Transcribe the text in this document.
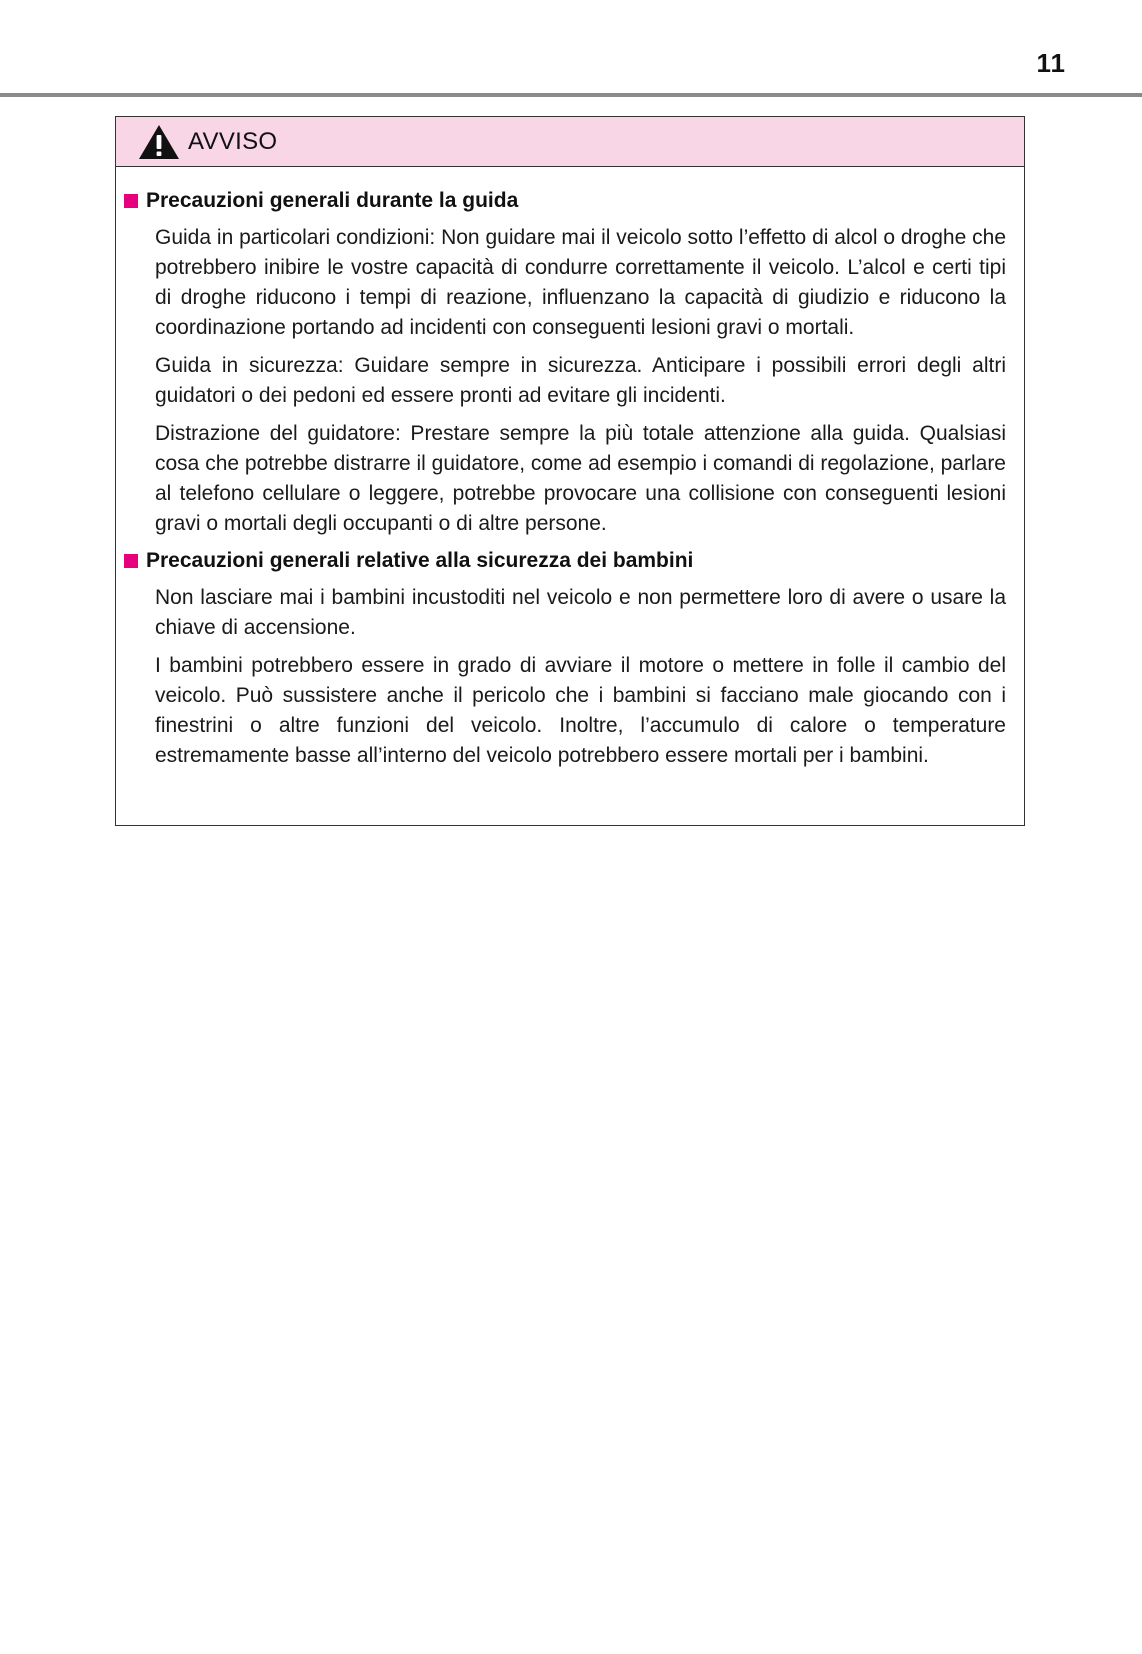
11
AVVISO
Precauzioni generali durante la guida

Guida in particolari condizioni: Non guidare mai il veicolo sotto l’effetto di alcol o droghe che potrebbero inibire le vostre capacità di condurre correttamente il veicolo. L’alcol e certi tipi di droghe riducono i tempi di reazione, influenzano la capacità di giudizio e riducono la coordinazione portando ad incidenti con conseguenti lesioni gravi o mortali.

Guida in sicurezza: Guidare sempre in sicurezza. Anticipare i possibili errori degli altri guidatori o dei pedoni ed essere pronti ad evitare gli incidenti.

Distrazione del guidatore: Prestare sempre la più totale attenzione alla guida. Qualsiasi cosa che potrebbe distrarre il guidatore, come ad esempio i comandi di regolazione, parlare al telefono cellulare o leggere, potrebbe provocare una collisione con conseguenti lesioni gravi o mortali degli occupanti o di altre persone.

Precauzioni generali relative alla sicurezza dei bambini

Non lasciare mai i bambini incustoditi nel veicolo e non permettere loro di avere o usare la chiave di accensione.

I bambini potrebbero essere in grado di avviare il motore o mettere in folle il cambio del veicolo. Può sussistere anche il pericolo che i bambini si facciano male giocando con i finestrini o altre funzioni del veicolo. Inoltre, l’accumulo di calore o temperature estremamente basse all’interno del veicolo potrebbero essere mortali per i bambini.
